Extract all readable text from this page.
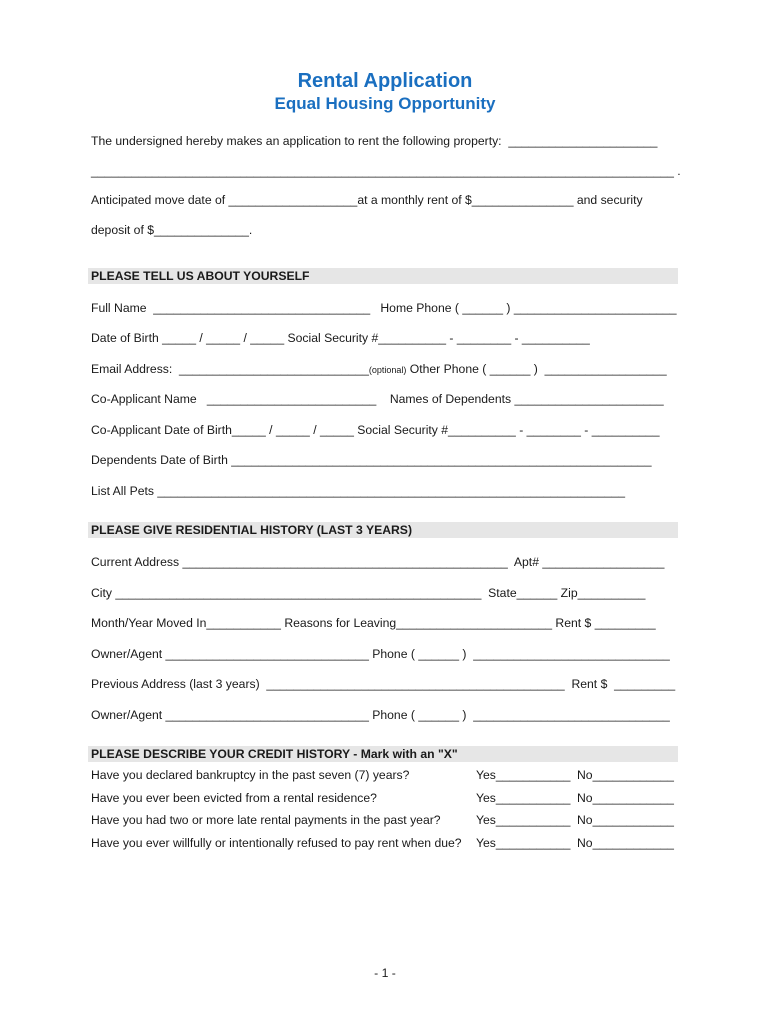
Rental Application
Equal Housing Opportunity
The undersigned hereby makes an application to rent the following property:  ______________________
______________________________________________________________________________________ .
Anticipated move date of ___________________at a monthly rent of $_______________ and security
deposit of $______________.
PLEASE TELL US ABOUT YOURSELF
Full Name  ________________________________   Home Phone ( ______ ) ________________________
Date of Birth _____ / _____ / _____ Social Security #__________ - ________ - __________
Email Address:  ____________________________(optional) Other Phone ( ______ )  __________________
Co-Applicant Name   _________________________    Names of Dependents ______________________
Co-Applicant Date of Birth_____ / _____ / _____ Social Security #__________ - ________ - __________
Dependents Date of Birth ______________________________________________________________
List All Pets _____________________________________________________________________
PLEASE GIVE RESIDENTIAL HISTORY (LAST 3 YEARS)
Current Address ________________________________________________  Apt# __________________
City ______________________________________________________  State______ Zip__________
Month/Year Moved In___________ Reasons for Leaving_______________________ Rent $ _________
Owner/Agent ______________________________ Phone ( ______ )  _____________________________
Previous Address (last 3 years)  ____________________________________________  Rent $  _________
Owner/Agent ______________________________ Phone ( ______ )  _____________________________
PLEASE DESCRIBE YOUR CREDIT HISTORY - Mark with an "X"
Have you declared bankruptcy in the past seven (7) years?	Yes___________ No____________
Have you ever been evicted from a rental residence?	Yes___________ No____________
Have you had two or more late rental payments in the past year?	Yes___________ No____________
Have you ever willfully or intentionally refused to pay rent when due? Yes___________ No____________
- 1 -
